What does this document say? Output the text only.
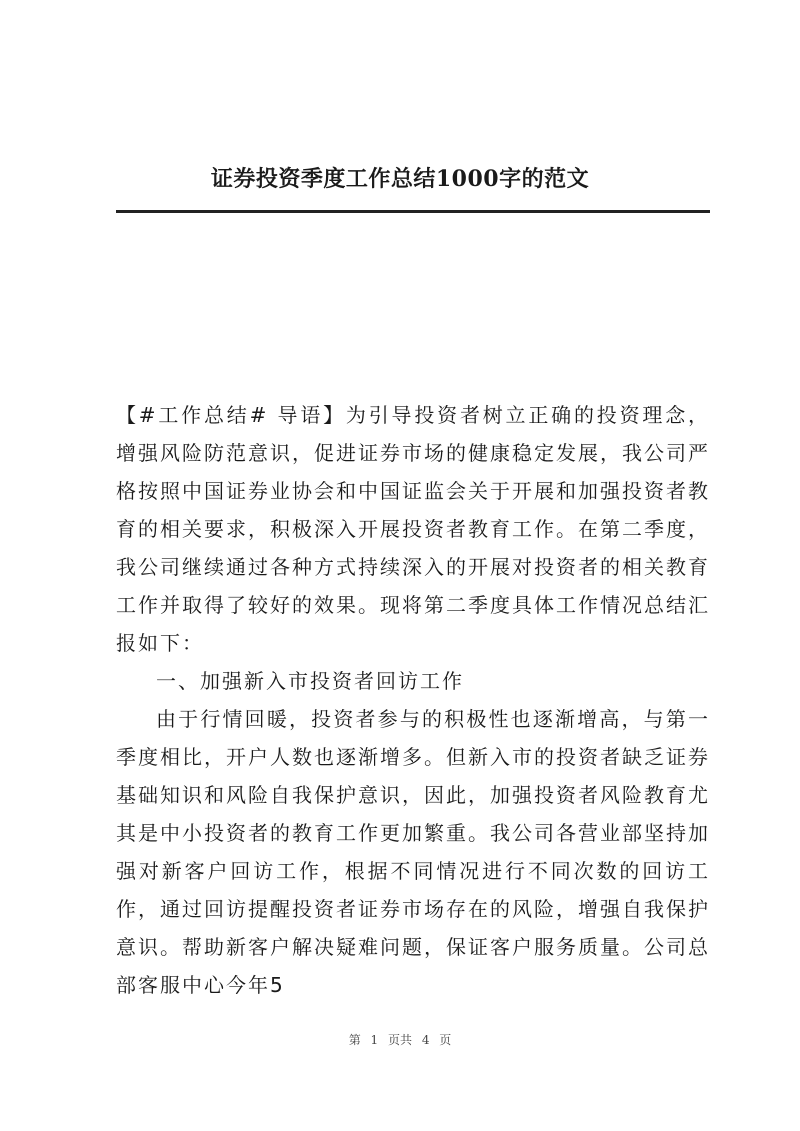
证券投资季度工作总结1000字的范文

【#工作总结# 导语】为引导投资者树立正确的投资理念，增强风险防范意识，促进证券市场的健康稳定发展，我公司严格按照中国证券业协会和中国证监会关于开展和加强投资者教育的相关要求，积极深入开展投资者教育工作。在第二季度，我公司继续通过各种方式持续深入的开展对投资者的相关教育工作并取得了较好的效果。现将第二季度具体工作情况总结汇报如下：

一、加强新入市投资者回访工作

由于行情回暖，投资者参与的积极性也逐渐增高，与第一季度相比，开户人数也逐渐增多。但新入市的投资者缺乏证券基础知识和风险自我保护意识，因此，加强投资者风险教育尤其是中小投资者的教育工作更加繁重。我公司各营业部坚持加强对新客户回访工作，根据不同情况进行不同次数的回访工作，通过回访提醒投资者证券市场存在的风险，增强自我保护意识。帮助新客户解决疑难问题，保证客户服务质量。公司总部客服中心今年5

第 1 页共 4 页
